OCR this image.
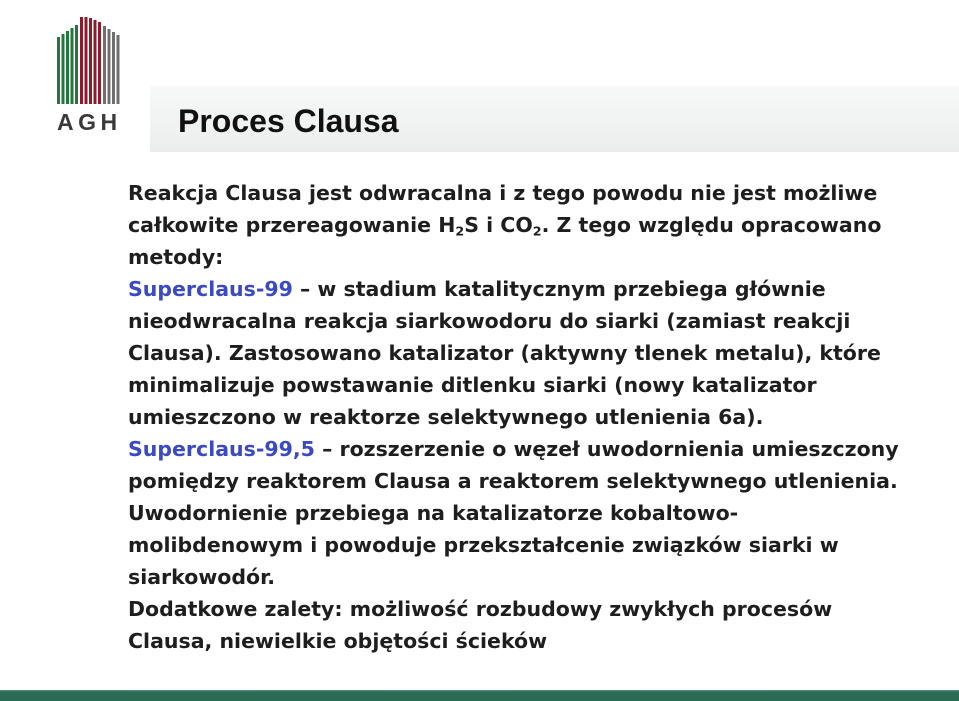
AGH Proces Clausa
Reakcja Clausa jest odwracalna i z tego powodu nie jest możliwe
całkowite przereagowanie $H_2S$ i $CO_2$. Z tego względu opracowano
metody:
Superclaus-99 – w stadium katalitycznym przebiega głównie
nieodwracalna reakcja siarkowodoru do siarki (zamiast reakcji
Clausa). Zastosowano katalizator (aktywny tlenek metalu), które
minimalizuje powstawanie ditlenku siarki (nowy katalizator
umieszczono w reaktorze selektywnego utlenienia 6a).
Superclaus-99,5 – rozszerzenie o węzeł uwodornienia umieszczony
pomiędzy reaktorem Clausa a reaktorem selektywnego utlenienia.
Uwodornienie przebiega na katalizatorze kobaltowo-
molibdenowym i powoduje przekształcenie związków siarki w
siarkowodór.
Dodatkowe zalety: możliwość rozbudowy zwykłych procesów
Clausa, niewielkie objętości ścieków
